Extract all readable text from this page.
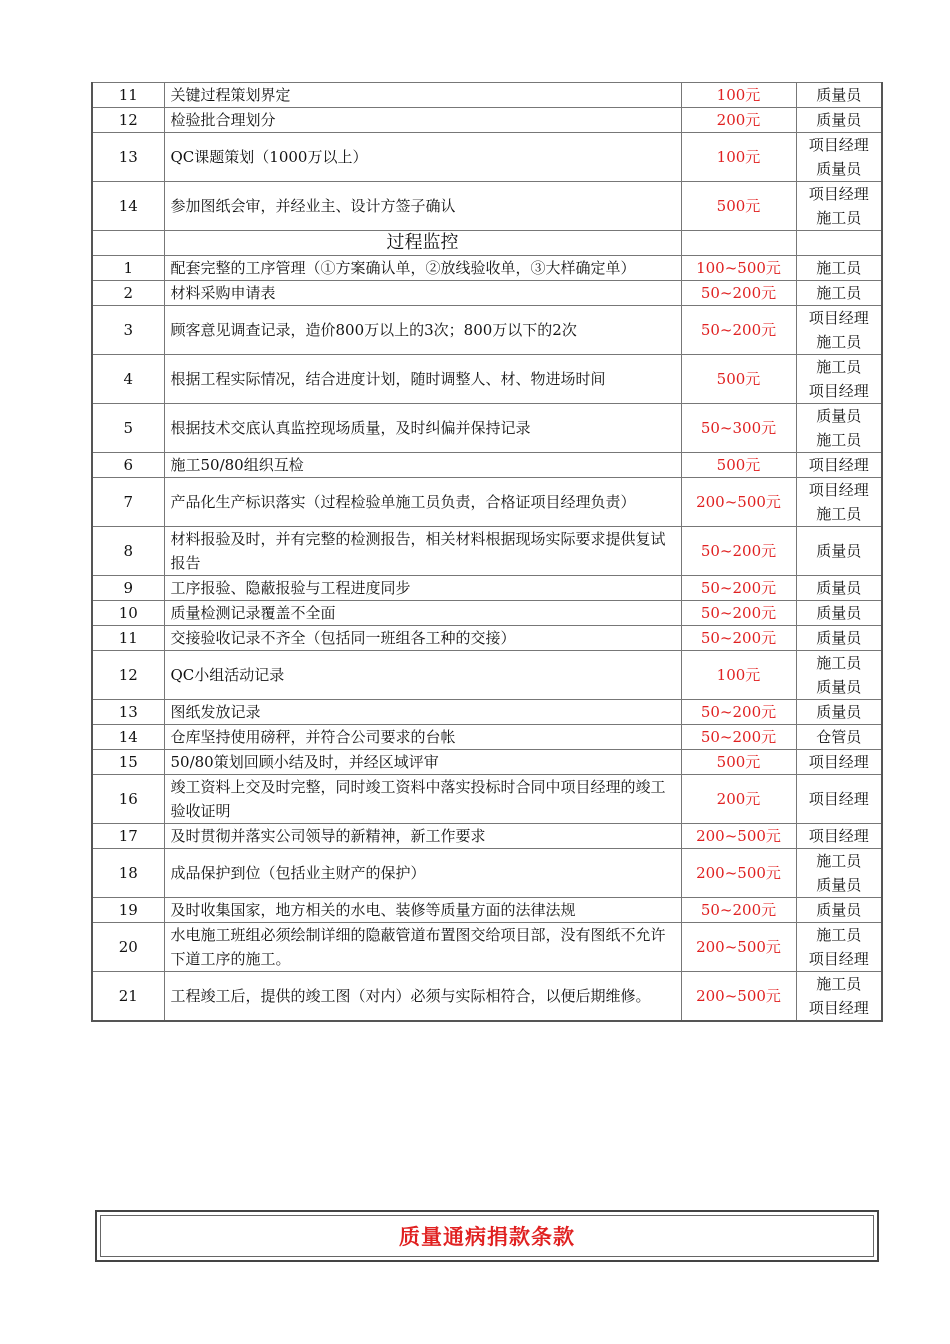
11	关键过程策划界定	100元	质量员

12	检验批合理划分	200元	质量员

13	QC课题策划（1000万以上）	100元	项目经理
质量员

14	参加图纸会审，并经业主、设计方签子确认	500元	项目经理
施工员

	过程监控		
1	配套完整的工序管理（①方案确认单，②放线验收单，③大样确定单）	100~500元	施工员

2	材料采购申请表	50~200元	施工员

3	顾客意见调查记录，造价800万以上的3次；800万以下的2次	50~200元	项目经理
施工员

4	根据工程实际情况，结合进度计划，随时调整人、材、物进场时间	500元	施工员
项目经理

5	根据技术交底认真监控现场质量，及时纠偏并保持记录	50~300元	质量员
施工员

6	施工50/80组织互检	500元	项目经理

7	产品化生产标识落实（过程检验单施工员负责，合格证项目经理负责）	200~500元	项目经理
施工员

8	材料报验及时，并有完整的检测报告，相关材料根据现场实际要求提供复试报告	50~200元	质量员

9	工序报验、隐蔽报验与工程进度同步	50~200元	质量员

10	质量检测记录覆盖不全面	50~200元	质量员

11	交接验收记录不齐全（包括同一班组各工种的交接）	50~200元	质量员

12	QC小组活动记录	100元	施工员
质量员

13	图纸发放记录	50~200元	质量员

14	仓库坚持使用磅秤，并符合公司要求的台帐	50~200元	仓管员

15	50/80策划回顾小结及时，并经区域评审	500元	项目经理

16	竣工资料上交及时完整，同时竣工资料中落实投标时合同中项目经理的竣工验收证明	200元	项目经理

17	及时贯彻并落实公司领导的新精神，新工作要求	200~500元	项目经理

18	成品保护到位（包括业主财产的保护）	200~500元	施工员
质量员

19	及时收集国家，地方相关的水电、装修等质量方面的法律法规	50~200元	质量员

20	水电施工班组必须绘制详细的隐蔽管道布置图交给项目部，没有图纸不允许下道工序的施工。	200~500元	施工员
项目经理

21	工程竣工后，提供的竣工图（对内）必须与实际相符合，以便后期维修。	200~500元	施工员
项目经理
质量通病捐款条款
